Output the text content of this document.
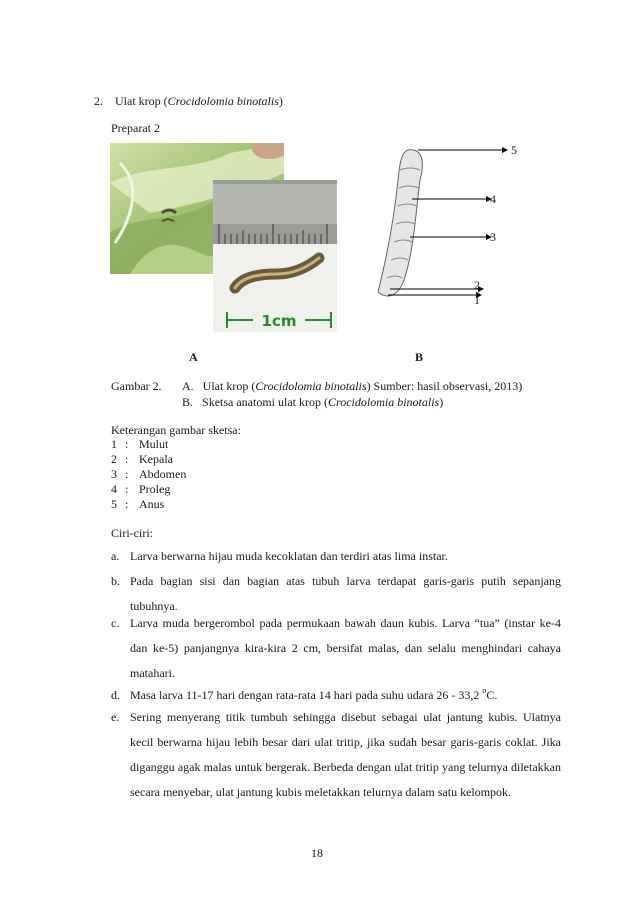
2. Ulat krop (Crocidolomia binotalis)
Preparat 2
1cm
5
4
3
2
1
A	B
Gambar 2. A. Ulat krop (Crocidolomia binotalis) Sumber: hasil observasi, 2013)
B. Sketsa anatomi ulat krop (Crocidolomia binotalis)
Keterangan gambar sketsa:
1 : Mulut
2 : Kepala
3 : Abdomen
4 : Proleg
5 : Anus
Ciri-ciri:
a. Larva berwarna hijau muda kecoklatan dan terdiri atas lima instar.
b. Pada bagian sisi dan bagian atas tubuh larva terdapat garis-garis putih sepanjang tubuhnya.
c. Larva muda bergerombol pada permukaan bawah daun kubis. Larva “tua” (instar ke-4 dan ke-5) panjangnya kira-kira 2 cm, bersifat malas, dan selalu menghindari cahaya matahari.
d. Masa larva 11-17 hari dengan rata-rata 14 hari pada suhu udara 26 - 33,2 $^o$C.
e. Sering menyerang titik tumbuh sehingga disebut sebagai ulat jantung kubis. Ulatnya kecil berwarna hijau lebih besar dari ulat tritip, jika sudah besar garis-garis coklat. Jika diganggu agak malas untuk bergerak. Berbeda dengan ulat tritip yang telurnya diletakkan secara menyebar, ulat jantung kubis meletakkan telurnya dalam satu kelompok.
18
